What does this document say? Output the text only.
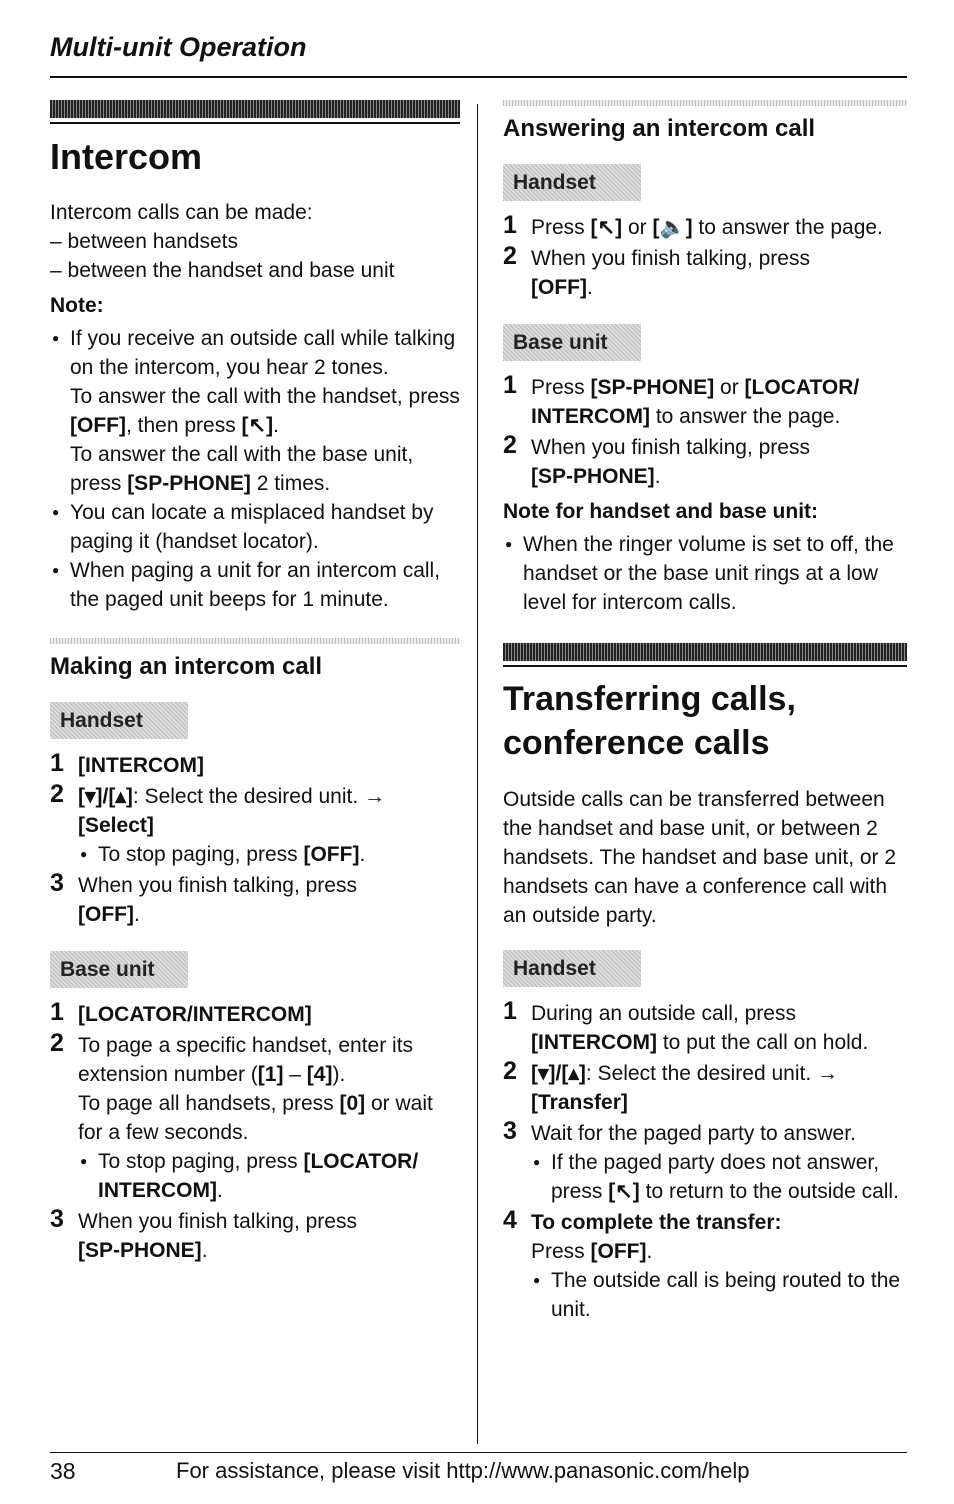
Multi-unit Operation
Intercom

Intercom calls can be made:

– between handsets

– between the handset and base unit

Note:
● If you receive an outside call while talking on the intercom, you hear 2 tones.
To answer the call with the handset, press [OFF], then press [↖].
To answer the call with the base unit, press [SP-PHONE] 2 times.
● You can locate a misplaced handset by paging it (handset locator).
● When paging a unit for an intercom call, the paged unit beeps for 1 minute.
Making an intercom call
Handset
1 [INTERCOM]
2 [▾]/[▴]: Select the desired unit. →
[Select]
● To stop paging, press [OFF].
3 When you finish talking, press
[OFF].
Base unit
1 [LOCATOR/INTERCOM]
2 To page a specific handset, enter its extension number ([1] – [4]).
To page all handsets, press [0] or wait for a few seconds.
● To stop paging, press [LOCATOR/ INTERCOM].
3 When you finish talking, press
[SP-PHONE].
Answering an intercom call
Handset
1 Press [↖] or [🔈] to answer the page.
2 When you finish talking, press
[OFF].
Base unit
1 Press [SP-PHONE] or [LOCATOR/ INTERCOM] to answer the page.
2 When you finish talking, press
[SP-PHONE].
Note for handset and base unit:
● When the ringer volume is set to off, the handset or the base unit rings at a low level for intercom calls.
Transferring calls, conference calls

Outside calls can be transferred between the handset and base unit, or between 2 handsets. The handset and base unit, or 2 handsets can have a conference call with an outside party.

Handset
1 During an outside call, press
[INTERCOM] to put the call on hold.
2 [▾]/[▴]: Select the desired unit. →
[Transfer]
3 Wait for the paged party to answer.
● If the paged party does not answer, press [↖] to return to the outside call.
4 To complete the transfer:
Press [OFF].
● The outside call is being routed to the unit.
38	For assistance, please visit http://www.panasonic.com/help
